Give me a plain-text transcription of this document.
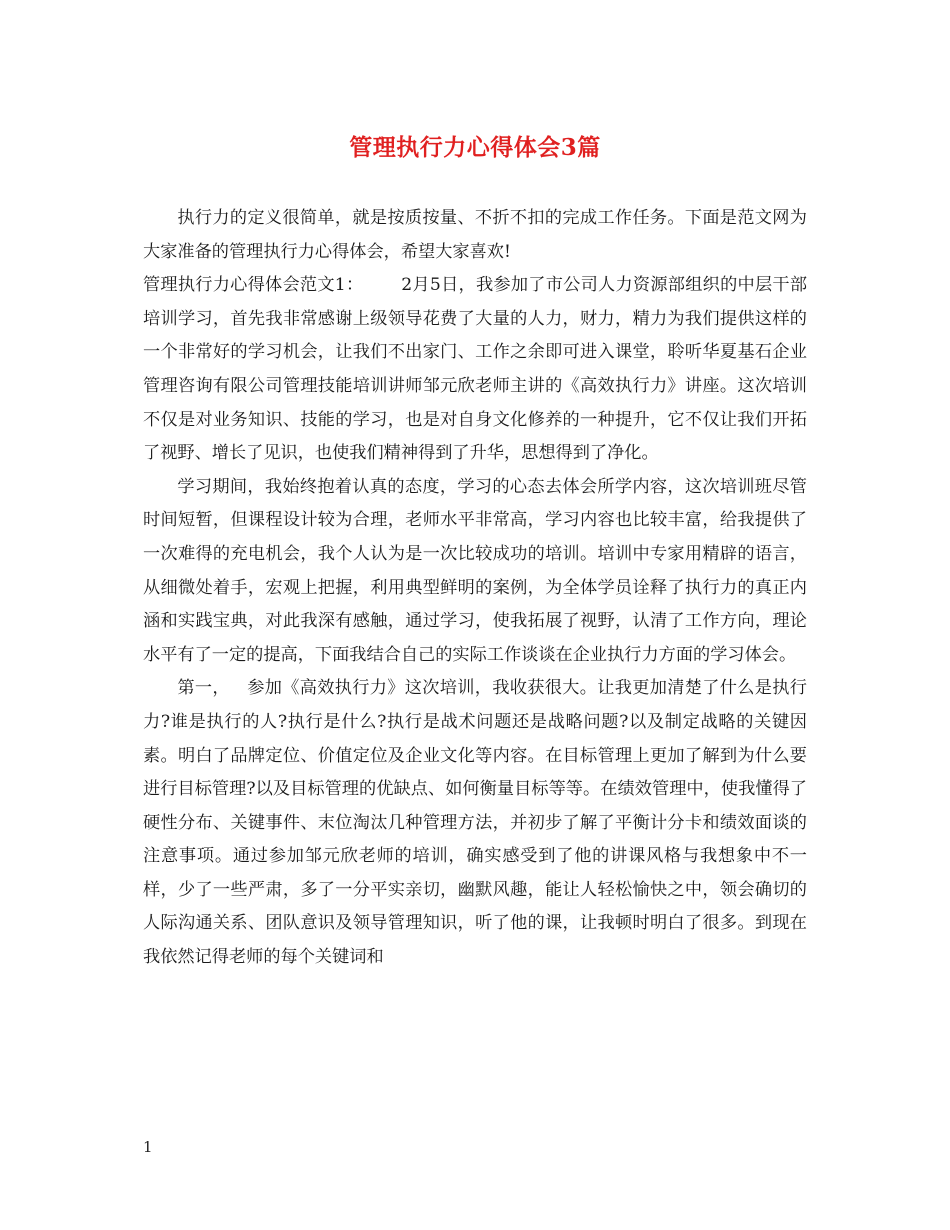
管理执行力心得体会3篇

执行力的定义很简单，就是按质按量、不折不扣的完成工作任务。下面是范文网为大家准备的管理执行力心得体会，希望大家喜欢!

管理执行力心得体会范文1： 2月5日，我参加了市公司人力资源部组织的中层干部培训学习，首先我非常感谢上级领导花费了大量的人力，财力，精力为我们提供这样的一个非常好的学习机会，让我们不出家门、工作之余即可进入课堂，聆听华夏基石企业管理咨询有限公司管理技能培训讲师邹元欣老师主讲的《高效执行力》讲座。这次培训不仅是对业务知识、技能的学习，也是对自身文化修养的一种提升，它不仅让我们开拓了视野、增长了见识，也使我们精神得到了升华，思想得到了净化。

学习期间，我始终抱着认真的态度，学习的心态去体会所学内容，这次培训班尽管时间短暂，但课程设计较为合理，老师水平非常高，学习内容也比较丰富，给我提供了一次难得的充电机会，我个人认为是一次比较成功的培训。培训中专家用精辟的语言，从细微处着手，宏观上把握，利用典型鲜明的案例，为全体学员诠释了执行力的真正内涵和实践宝典，对此我深有感触，通过学习，使我拓展了视野，认清了工作方向，理论水平有了一定的提高，下面我结合自己的实际工作谈谈在企业执行力方面的学习体会。

第一， 参加《高效执行力》这次培训，我收获很大。让我更加清楚了什么是执行力?谁是执行的人?执行是什么?执行是战术问题还是战略问题?以及制定战略的关键因素。明白了品牌定位、价值定位及企业文化等内容。在目标管理上更加了解到为什么要进行目标管理?以及目标管理的优缺点、如何衡量目标等等。在绩效管理中，使我懂得了硬性分布、关键事件、末位淘汰几种管理方法，并初步了解了平衡计分卡和绩效面谈的注意事项。通过参加邹元欣老师的培训，确实感受到了他的讲课风格与我想象中不一样，少了一些严肃，多了一分平实亲切，幽默风趣，能让人轻松愉快之中，领会确切的人际沟通关系、团队意识及领导管理知识，听了他的课，让我顿时明白了很多。到现在我依然记得老师的每个关键词和

1
